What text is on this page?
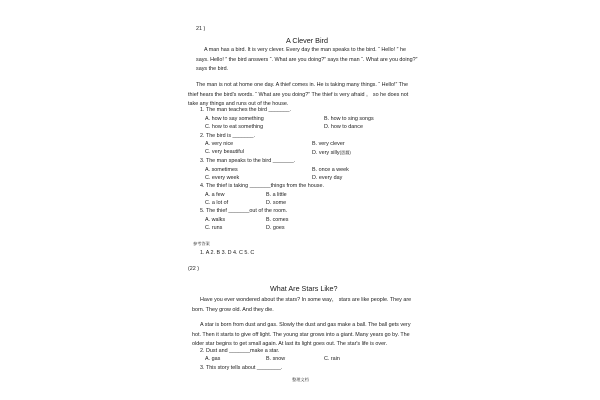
21 )
A Clever Bird
A man has a bird. It is very clever. Every day the man speaks to the bird. “ Hello! ” he says. Hello! ” the bird answers “. What are you doing?” says the man “. What are you doing?” says the bird.
The man is not at home one day. A thief comes in. He is taking many things. “ Hello!” The thief hears the bird's words. “ What are you doing?” The thief is very afraid 。 so he does not take any things and runs out of the house.
1. The man teaches the bird _______.
A. how to say something	B. how to sing songs
C. how to eat something	D. how to dance
2. The bird is _______.
A. very nice	B. very clever
C. very beautiful	D. very silly(愚蠢)
3. The man speaks to the bird _______.
A. sometimes	B. once a week
C. every week	D. every day
4. The thief is taking _______things from the house.
A. a few	B. a little
C. a lot of	D. some
5. The thief _______out of the room.
A. walks	B. comes
C. runs	D. goes
参考答案
1. A 2. B 3. D 4. C 5. C
(22 )
What Are Stars Like?
Have you ever wondered about the stars? In some way， stars are like people. They are born. They grow old. And they die.
A star is born from dust and gas. Slowly the dust and gas make a ball. The ball gets very hot. Then it starts to give off light. The young star grows into a giant. Many years go by. The older star begins to get small again. At last its light goes out. The star's life is over.
2. Dust and _______make a star.
A. gas	B. snow	C. rain
3. This story tells about ________.
整理文档
